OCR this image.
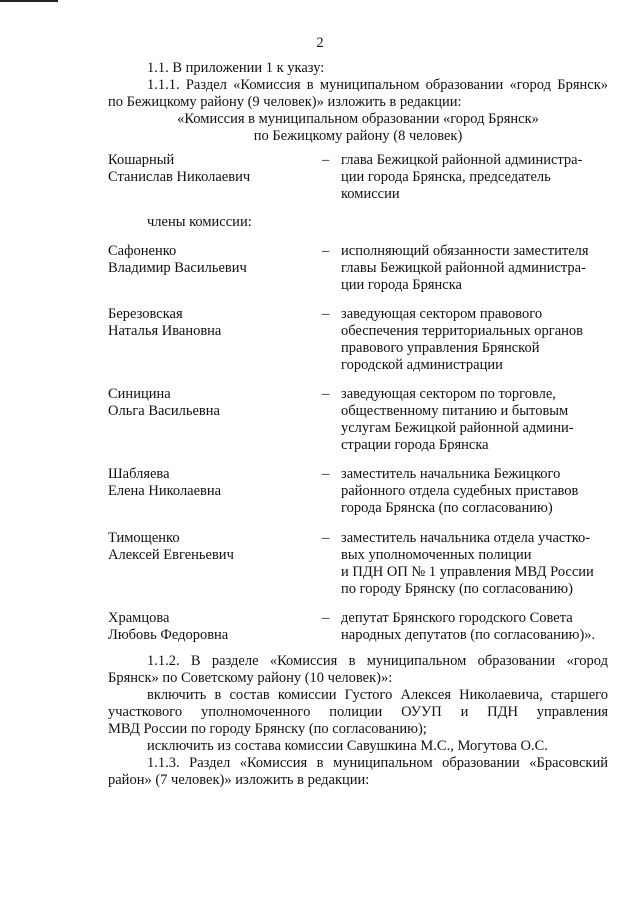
2
1.1. В приложении 1 к указу:
1.1.1. Раздел «Комиссия в муниципальном образовании «город Брянск»
по Бежицкому району (9 человек)» изложить в редакции:
«Комиссия в муниципальном образовании «город Брянск»
по Бежицкому району (8 человек)
Кошарный
Станислав Николаевич
– глава Бежицкой районной администра-
ции города Брянска, председатель
комиссии
члены комиссии:
Сафоненко
Владимир Васильевич
– исполняющий обязанности заместителя
главы Бежицкой районной администра-
ции города Брянска
Березовская
Наталья Ивановна
– заведующая сектором правового
обеспечения территориальных органов
правового управления Брянской
городской администрации
Синицина
Ольга Васильевна
– заведующая сектором по торговле,
общественному питанию и бытовым
услугам Бежицкой районной админи-
страции города Брянска
Шабляева
Елена Николаевна
– заместитель начальника Бежицкого
районного отдела судебных приставов
города Брянска (по согласованию)
Тимощенко
Алексей Евгеньевич
– заместитель начальника отдела участко-
вых уполномоченных полиции
и ПДН ОП № 1 управления МВД России
по городу Брянску (по согласованию)
Храмцова
Любовь Федоровна
– депутат Брянского городского Совета
народных депутатов (по согласованию)».
1.1.2. В разделе «Комиссия в муниципальном образовании «город
Брянск» по Советскому району (10 человек)»:
включить в состав комиссии Густого Алексея Николаевича, старшего
участкового уполномоченного полиции ОУУП и ПДН управления
МВД России по городу Брянску (по согласованию);
исключить из состава комиссии Савушкина М.С., Могутова О.С.
1.1.3. Раздел «Комиссия в муниципальном образовании «Брасовский
район» (7 человек)» изложить в редакции:
